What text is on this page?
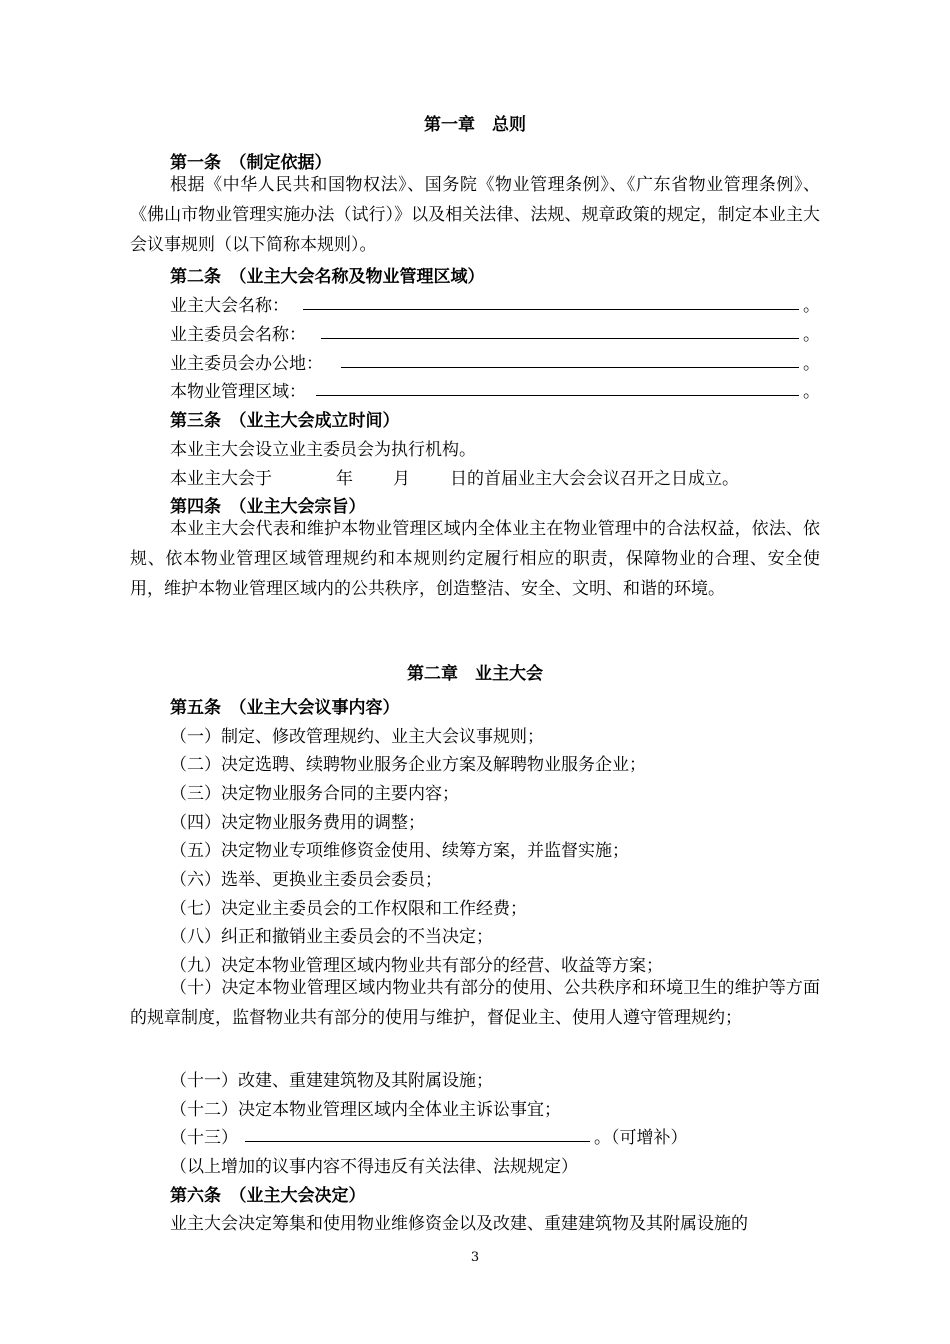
第一章　总则
第一条　（制定依据）
根据《中华人民共和国物权法》、国务院《物业管理条例》、《广东省物业管理条例》、《佛山市物业管理实施办法（试行）》以及相关法律、法规、规章政策的规定，制定本业主大会议事规则（以下简称本规则）。
第二条　（业主大会名称及物业管理区域）
业主大会名称：	。
业主委员会名称：	。
业主委员会办公地：	。
本物业管理区域：	。
第三条　（业主大会成立时间）
本业主大会设立业主委员会为执行机构。
本业主大会于	年 月 日的首届业主大会会议召开之日成立。
第四条　（业主大会宗旨）
本业主大会代表和维护本物业管理区域内全体业主在物业管理中的合法权益，依法、依规、依本物业管理区域管理规约和本规则约定履行相应的职责，保障物业的合理、安全使用，维护本物业管理区域内的公共秩序，创造整洁、安全、文明、和谐的环境。
第二章　业主大会
第五条　（业主大会议事内容）
（一）制定、修改管理规约、业主大会议事规则；
（二）决定选聘、续聘物业服务企业方案及解聘物业服务企业；
（三）决定物业服务合同的主要内容；
（四）决定物业服务费用的调整；
（五）决定物业专项维修资金使用、续筹方案，并监督实施；
（六）选举、更换业主委员会委员；
（七）决定业主委员会的工作权限和工作经费；
（八）纠正和撤销业主委员会的不当决定；
（九）决定本物业管理区域内物业共有部分的经营、收益等方案；
（十）决定本物业管理区域内物业共有部分的使用、公共秩序和环境卫生的维护等方面的规章制度，监督物业共有部分的使用与维护，督促业主、使用人遵守管理规约；
（十一）改建、重建建筑物及其附属设施；
（十二）决定本物业管理区域内全体业主诉讼事宜；
（十三）	。（可增补）
（以上增加的议事内容不得违反有关法律、法规规定）
第六条　（业主大会决定）
业主大会决定筹集和使用物业维修资金以及改建、重建建筑物及其附属设施的
3
